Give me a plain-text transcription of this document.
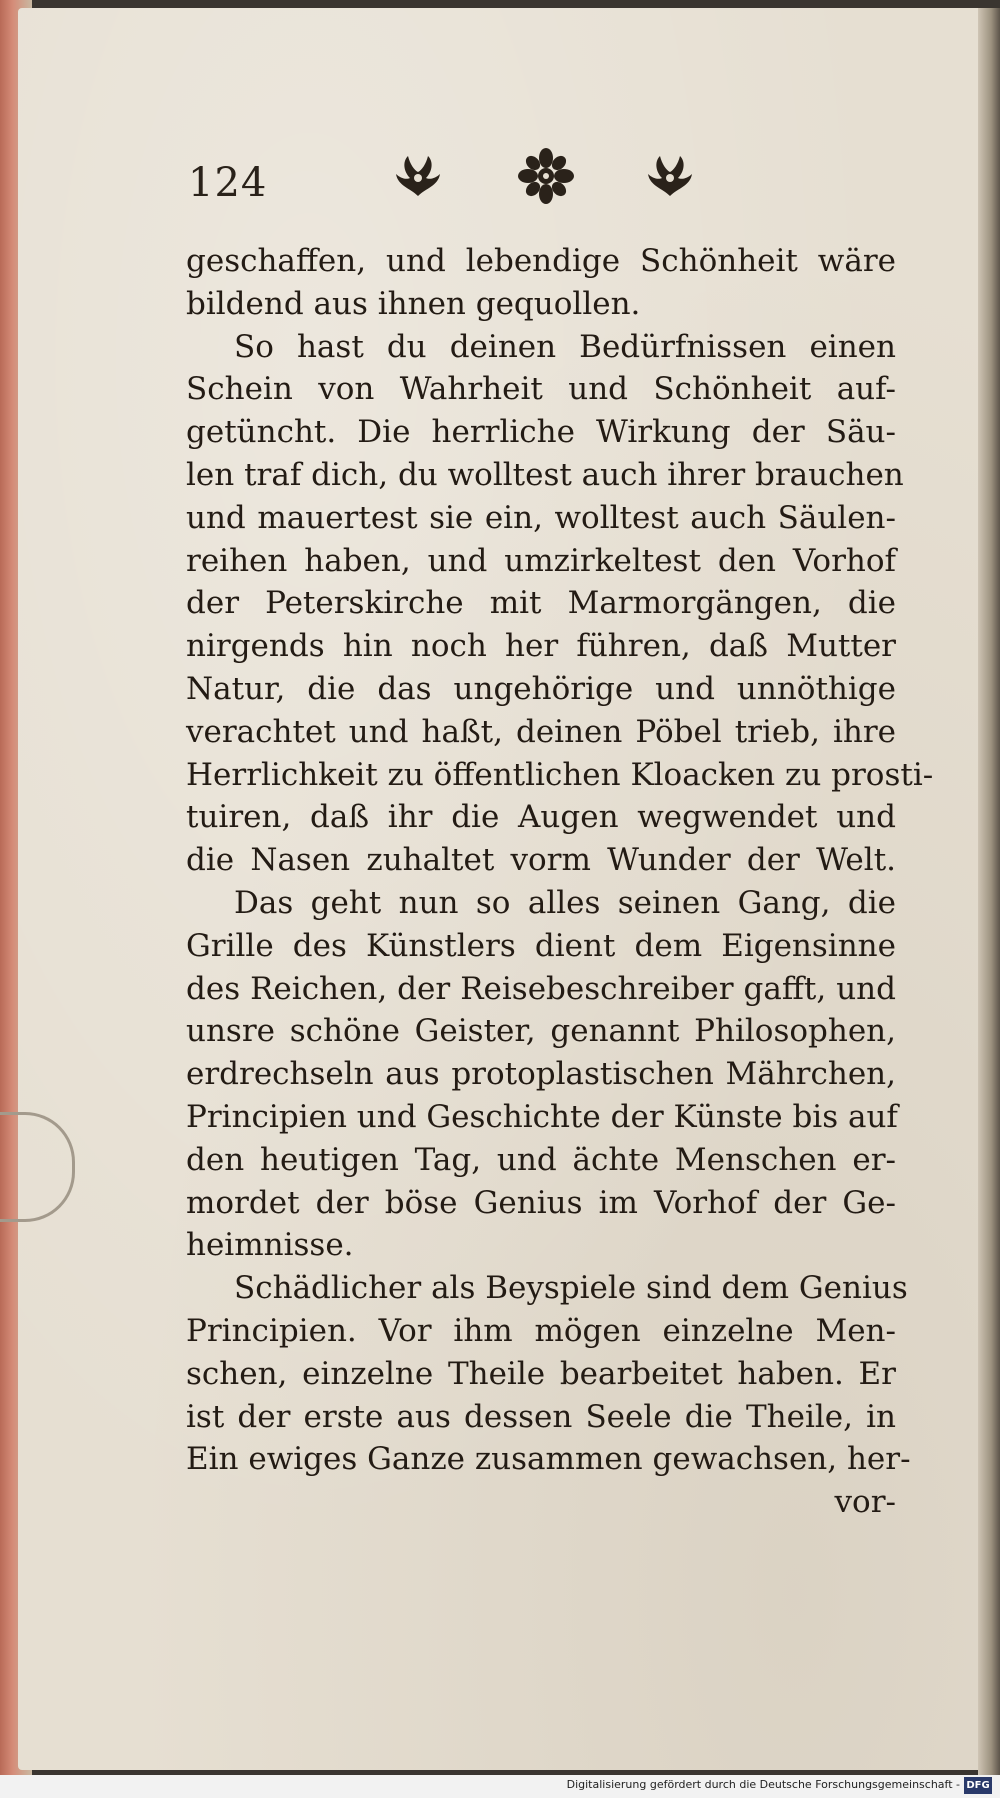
124
geschaffen, und lebendige Schönheit wäre
bildend aus ihnen gequollen.
So hast du deinen Bedürfnissen einen
Schein von Wahrheit und Schönheit auf-
getüncht. Die herrliche Wirkung der Säu-
len traf dich, du wolltest auch ihrer brauchen
und mauertest sie ein, wolltest auch Säulen-
reihen haben, und umzirkeltest den Vorhof
der Peterskirche mit Marmorgängen, die
nirgends hin noch her führen, daß Mutter
Natur, die das ungehörige und unnöthige
verachtet und haßt, deinen Pöbel trieb, ihre
Herrlichkeit zu öffentlichen Kloacken zu prosti-
tuiren, daß ihr die Augen wegwendet und
die Nasen zuhaltet vorm Wunder der Welt.
Das geht nun so alles seinen Gang, die
Grille des Künstlers dient dem Eigensinne
des Reichen, der Reisebeschreiber gafft, und
unsre schöne Geister, genannt Philosophen,
erdrechseln aus protoplastischen Mährchen,
Principien und Geschichte der Künste bis auf
den heutigen Tag, und ächte Menschen er-
mordet der böse Genius im Vorhof der Ge-
heimnisse.
Schädlicher als Beyspiele sind dem Genius
Principien. Vor ihm mögen einzelne Men-
schen, einzelne Theile bearbeitet haben. Er
ist der erste aus dessen Seele die Theile, in
Ein ewiges Ganze zusammen gewachsen, her-
vor-
Digitalisierung gefördert durch die Deutsche Forschungsgemeinschaft - DFG
